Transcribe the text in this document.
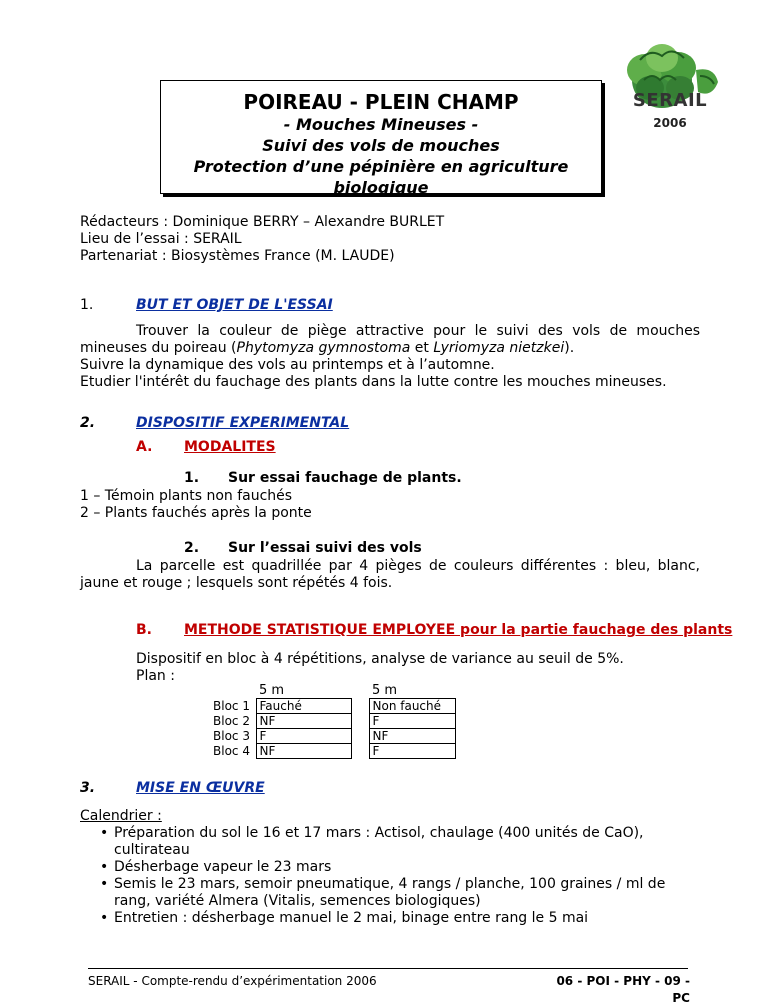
SERAIL
2006
POIREAU - PLEIN CHAMP
- Mouches Mineuses -
Suivi des vols de mouches
Protection d’une pépinière en agriculture
biologique
Rédacteurs : Dominique BERRY – Alexandre BURLET
Lieu de l’essai : SERAIL
Partenariat : Biosystèmes France (M. LAUDE)
1.	BUT ET OBJET DE L'ESSAI
Trouver la couleur de piège attractive pour le suivi des vols de mouches mineuses du poireau (Phytomyza gymnostoma et Lyriomyza nietzkei).
Suivre la dynamique des vols au printemps et à l’automne.
Etudier l'intérêt du fauchage des plants dans la lutte contre les mouches mineuses.
2.	DISPOSITIF EXPERIMENTAL
A. MODALITES
1. Sur essai fauchage de plants.
1 – Témoin plants non fauchés
2 – Plants fauchés après la ponte
2. Sur l’essai suivi des vols
La parcelle est quadrillée par 4 pièges de couleurs différentes : bleu, blanc, jaune et rouge ; lesquels sont répétés 4 fois.
B. METHODE STATISTIQUE EMPLOYEE pour la partie fauchage des plants
Dispositif en bloc à 4 répétitions, analyse de variance au seuil de 5%.
Plan :
	5 m		5 m
Bloc 1	Fauché		Non fauché
Bloc 2	NF		F
Bloc 3	F		NF
Bloc 4	NF		F
3.	MISE EN ŒUVRE
Calendrier :
• Préparation du sol le 16 et 17 mars : Actisol, chaulage (400 unités de CaO), cultirateau
• Désherbage vapeur le 23 mars
• Semis le 23 mars, semoir pneumatique, 4 rangs / planche, 100 graines / ml de rang, variété Almera (Vitalis, semences biologiques)
• Entretien : désherbage manuel le 2 mai, binage entre rang le 5 mai
SERAIL - Compte-rendu d’expérimentation 2006	06 - POI - PHY - 09 - PC
